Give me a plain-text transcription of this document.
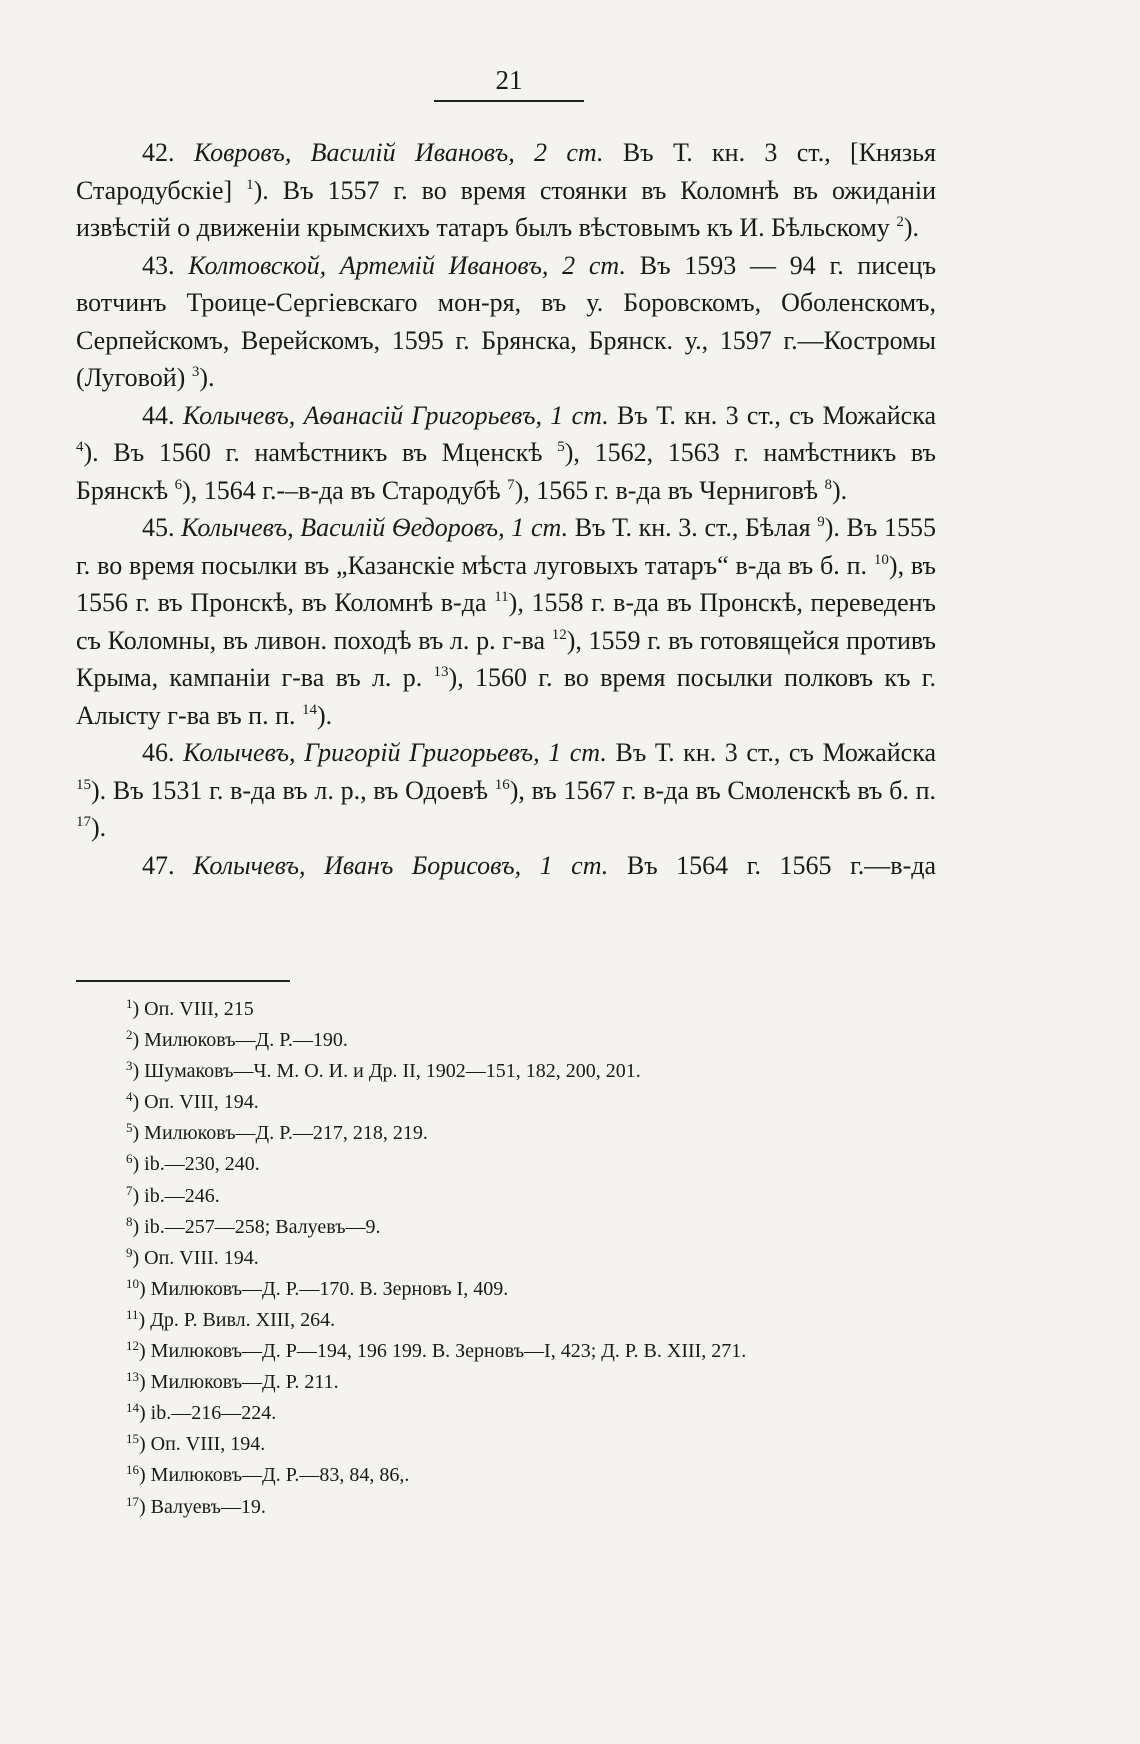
21

42. Ковровъ, Василій Ивановъ, 2 ст. Въ Т. кн. 3 ст., [Князья Стародубскіе] $^1$). Въ 1557 г. во время стоянки въ Коломнѣ въ ожиданіи извѣстій о движеніи крымскихъ татаръ былъ вѣстовымъ къ И. Бѣльскому $^2$).

43. Колтовской, Артемій Ивановъ, 2 ст. Въ 1593 — 94 г. писецъ вотчинъ Троице-Сергіевскаго мон-ря, въ у. Боровскомъ, Оболенскомъ, Серпейскомъ, Верейскомъ, 1595 г. Брянска, Брянск. у., 1597 г.—Костромы (Луговой) $^3$).

44. Колычевъ, Аѳанасій Григорьевъ, 1 ст. Въ Т. кн. 3 ст., съ Можайска $^4$). Въ 1560 г. намѣстникъ въ Мценскѣ $^5$), 1562, 1563 г. намѣстникъ въ Брянскѣ $^6$), 1564 г.-–в-да въ Стародубѣ $^7$), 1565 г. в-да въ Черниговѣ $^8$).

45. Колычевъ, Василій Ѳедоровъ, 1 ст. Въ Т. кн. 3. ст., Бѣлая $^9$). Въ 1555 г. во время посылки въ „Казанскіе мѣста луговыхъ татаръ“ в-да въ б. п. $^{10}$), въ 1556 г. въ Пронскѣ, въ Коломнѣ в-да $^{11}$), 1558 г. в-да въ Пронскѣ, переведенъ съ Коломны, въ ливон. походѣ въ л. р. г-ва $^{12}$), 1559 г. въ готовящейся противъ Крыма, кампаніи г-ва въ л. р. $^{13}$), 1560 г. во время посылки полковъ къ г. Алысту г-ва въ п. п. $^{14}$).

46. Колычевъ, Григорій Григорьевъ, 1 ст. Въ Т. кн. 3 ст., съ Можайска $^{15}$). Въ 1531 г. в-да въ л. р., въ Одоевѣ $^{16}$), въ 1567 г. в-да въ Смоленскѣ въ б. п. $^{17}$).

47. Колычевъ, Иванъ Борисовъ, 1 ст. Въ 1564 г. 1565 г.—в-да

$^1$) Оп. VIII, 215

$^2$) Милюковъ—Д. Р.—190.

$^3$) Шумаковъ—Ч. М. О. И. и Др. II, 1902—151, 182, 200, 201.

$^4$) Оп. VIII, 194.

$^5$) Милюковъ—Д. Р.—217, 218, 219.

$^6$) ib.—230, 240.

$^7$) ib.—246.

$^8$) ib.—257—258; Валуевъ—9.

$^9$) Оп. VIII. 194.

$^{10}$) Милюковъ—Д. Р.—170. В. Зерновъ I, 409.

$^{11}$) Др. Р. Вивл. XIII, 264.

$^{12}$) Милюковъ—Д. Р—194, 196 199. В. Зерновъ—I, 423; Д. Р. В. XIII, 271.

$^{13}$) Милюковъ—Д. Р. 211.

$^{14}$) ib.—216—224.

$^{15}$) Оп. VIII, 194.

$^{16}$) Милюковъ—Д. Р.—83, 84, 86,.

$^{17}$) Валуевъ—19.
